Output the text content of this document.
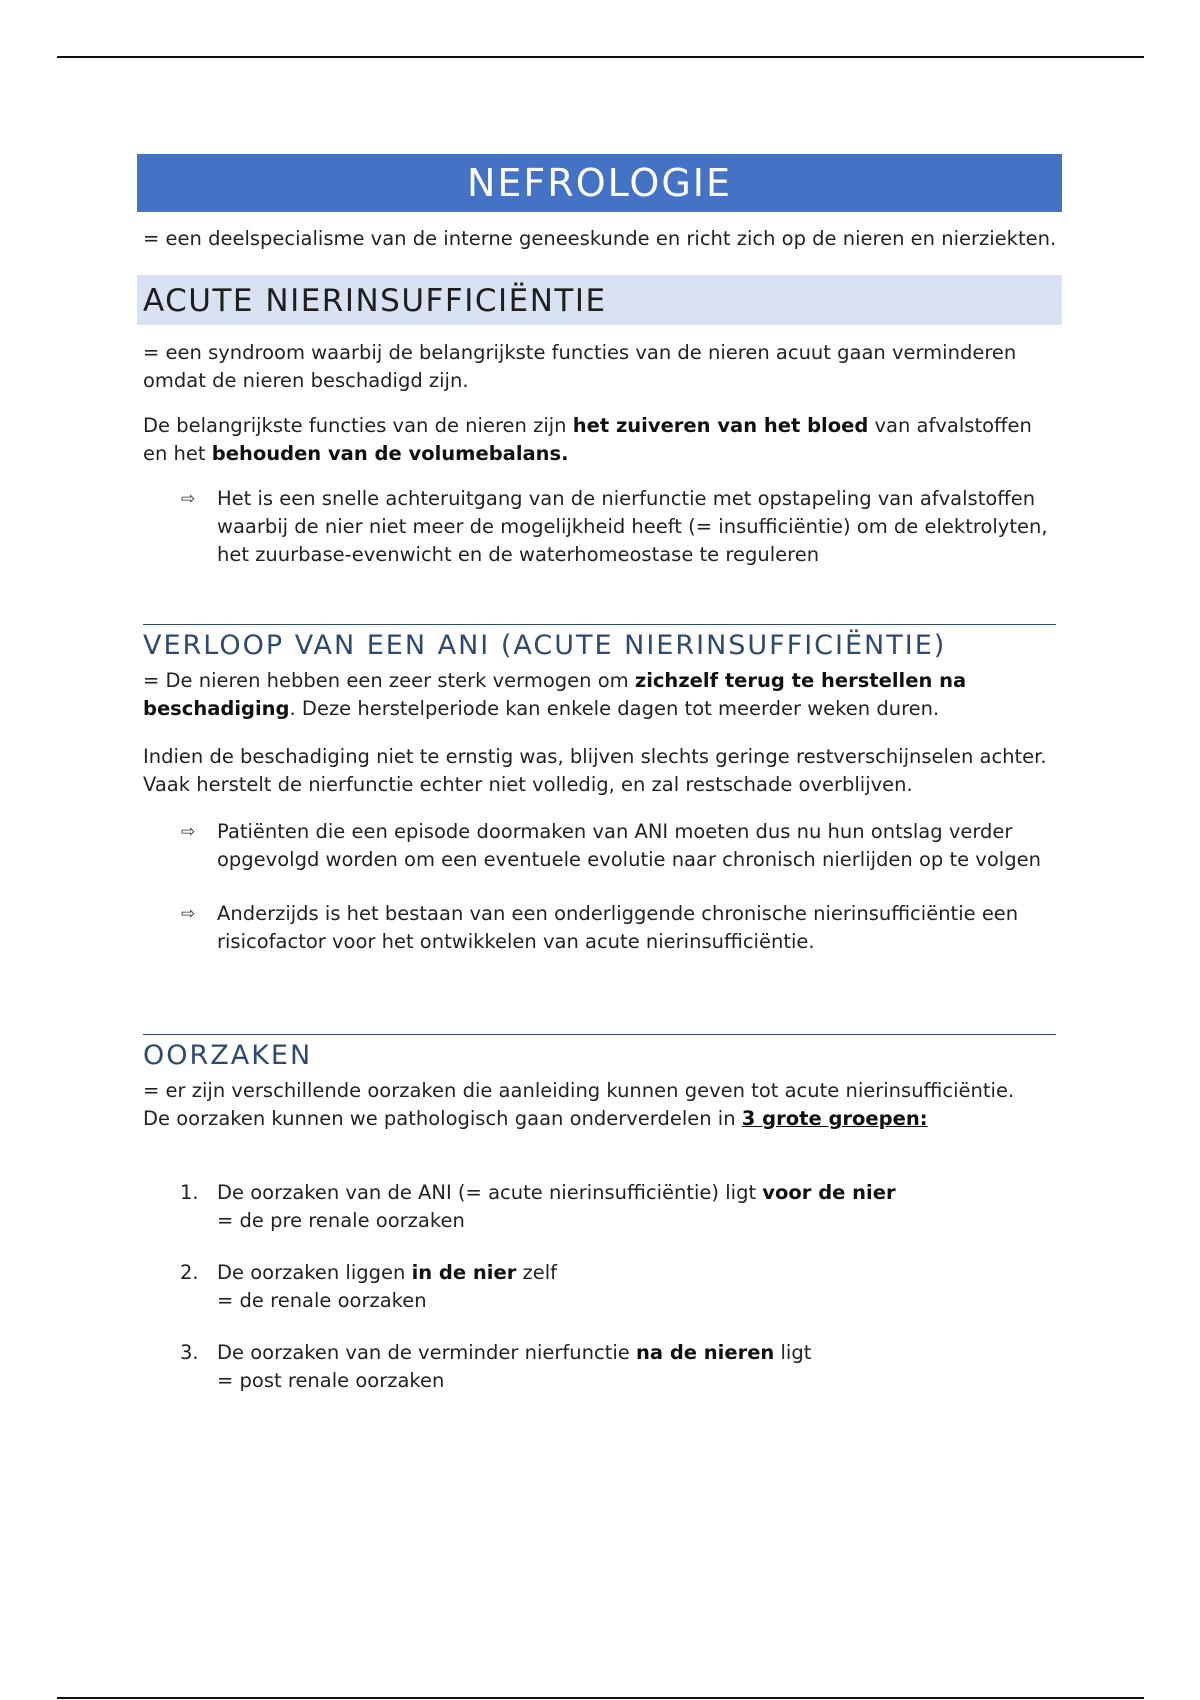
NEFROLOGIE

= een deelspecialisme van de interne geneeskunde en richt zich op de nieren en nierziekten.

ACUTE NIERINSUFFICIËNTIE

= een syndroom waarbij de belangrijkste functies van de nieren acuut gaan verminderen omdat de nieren beschadigd zijn.

De belangrijkste functies van de nieren zijn het zuiveren van het bloed van afvalstoffen en het behouden van de volumebalans.

⇨	Het is een snelle achteruitgang van de nierfunctie met opstapeling van afvalstoffen waarbij de nier niet meer de mogelijkheid heeft (= insufficiëntie) om de elektrolyten, het zuurbase-evenwicht en de waterhomeostase te reguleren
VERLOOP VAN EEN ANI (ACUTE NIERINSUFFICIËNTIE)

= De nieren hebben een zeer sterk vermogen om zichzelf terug te herstellen na beschadiging. Deze herstelperiode kan enkele dagen tot meerder weken duren.

Indien de beschadiging niet te ernstig was, blijven slechts geringe restverschijnselen achter. Vaak herstelt de nierfunctie echter niet volledig, en zal restschade overblijven.

⇨	Patiënten die een episode doormaken van ANI moeten dus nu hun ontslag verder opgevolgd worden om een eventuele evolutie naar chronisch nierlijden op te volgen
⇨	Anderzijds is het bestaan van een onderliggende chronische nierinsufficiëntie een risicofactor voor het ontwikkelen van acute nierinsufficiëntie.
OORZAKEN

= er zijn verschillende oorzaken die aanleiding kunnen geven tot acute nierinsufficiëntie.

De oorzaken kunnen we pathologisch gaan onderverdelen in 3 grote groepen:

1. De oorzaken van de ANI (= acute nierinsufficiëntie) ligt voor de nier
= de pre renale oorzaken
2. De oorzaken liggen in de nier zelf
= de renale oorzaken
3. De oorzaken van de verminder nierfunctie na de nieren ligt
= post renale oorzaken
